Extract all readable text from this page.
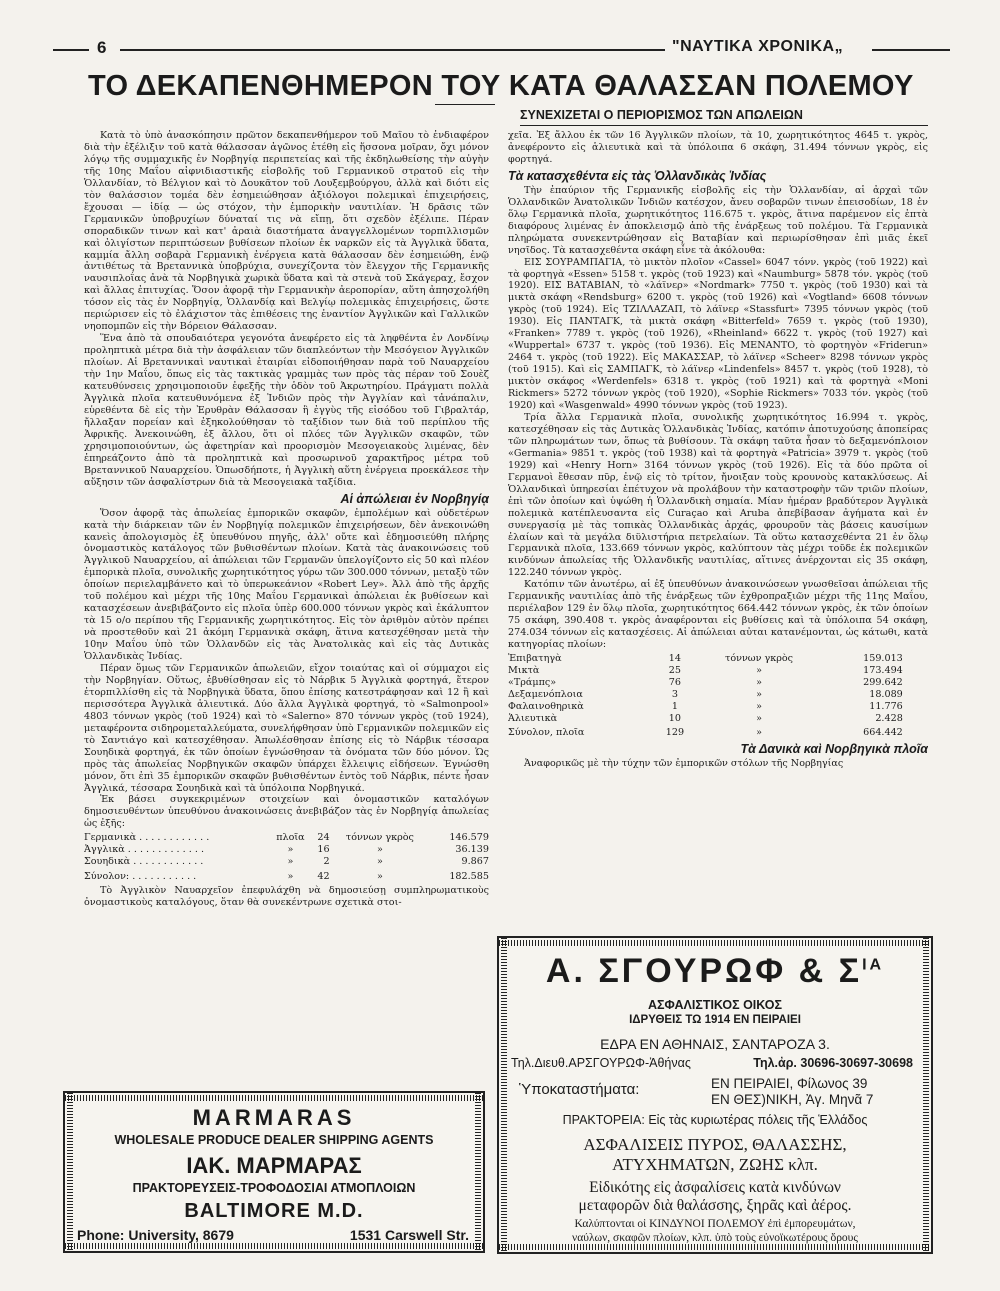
6	"ΝΑΥΤΙΚΑ ΧΡΟΝΙΚΑ„
ΤΟ ΔΕΚΑΠΕΝΘΗΜΕΡΟΝ ΤΟΥ ΚΑΤΑ ΘΑΛΑΣΣΑΝ ΠΟΛΕΜΟΥ
ΣΥΝΕΧΙΖΕΤΑΙ Ο ΠΕΡΙΟΡΙΣΜΟΣ ΤΩΝ ΑΠΩΛΕΙΩΝ

Κατὰ τὸ ὑπὸ ἀνασκόπησιν πρῶτον δεκαπενθήμερον τοῦ Μαΐου τὸ ἐνδιαφέρον διὰ τὴν ἐξέλιξιν τοῦ κατὰ θάλασσαν ἀγῶνος ἐτέθη εἰς ἥσσονα μοῖραν, ὄχι μόνον λόγῳ τῆς συμμαχικῆς ἐν Νορβηγίᾳ περιπετείας καὶ τῆς ἐκδηλωθείσης τὴν αὐγὴν τῆς 10ης Μαΐου αἰφνιδιαστικῆς εἰσβολῆς τοῦ Γερμανικοῦ στρατοῦ εἰς τὴν Ὁλλανδίαν, τὸ Βέλγιον καὶ τὸ Δουκᾶτον τοῦ Λουξεμβούργου, ἀλλὰ καὶ διότι εἰς τὸν θαλάσσιον τομέα δὲν ἐσημειώθησαν ἀξιόλογοι πολεμικαὶ ἐπιχειρήσεις, ἔχουσαι — ἰδίᾳ — ὡς στόχον, τὴν ἐμπορικὴν ναυτιλίαν. Ἡ δρᾶσις τῶν Γερμανικῶν ὑποβρυχίων δύναταί τις νὰ εἴπῃ, ὅτι σχεδὸν ἐξέλιπε. Πέραν σποραδικῶν τινων καὶ κατ' ἀραιὰ διαστήματα ἀναγγελλομένων τορπιλλισμῶν καὶ ὀλιγίστων περιπτώσεων βυθίσεων πλοίων ἐκ ναρκῶν εἰς τὰ Ἀγγλικὰ ὕδατα, καμμία ἄλλη σοβαρὰ Γερμανικὴ ἐνέργεια κατὰ θάλασσαν δὲν ἐσημειώθη, ἐνῷ ἀντιθέτως τὰ Βρεταννικὰ ὑποβρύχια, συνεχίζοντα τὸν ἔλεγχον τῆς Γερμανικῆς ναυσιπλοΐας ἀνὰ τὰ Νορβηγικὰ χωρικὰ ὕδατα καὶ τὰ στενὰ τοῦ Σκάγεραχ, ἔσχον καὶ ἄλλας ἐπιτυχίας. Ὅσον ἀφορᾷ τὴν Γερμανικὴν ἀεροπορίαν, αὕτη ἀπησχολήθη τόσον εἰς τὰς ἐν Νορβηγίᾳ, Ὁλλανδίᾳ καὶ Βελγίῳ πολεμικὰς ἐπιχειρήσεις, ὥστε περιώρισεν εἰς τὸ ἐλάχιστον τὰς ἐπιθέσεις της ἐναντίον Ἀγγλικῶν καὶ Γαλλικῶν νηοπομπῶν εἰς τὴν Βόρειον Θάλασσαν.

Ἕνα ἀπὸ τὰ σπουδαιότερα γεγονότα ἀνεφέρετο εἰς τὰ ληφθέντα ἐν Λονδίνῳ προληπτικὰ μέτρα διὰ τὴν ἀσφάλειαν τῶν διαπλεόντων τὴν Μεσόγειον Ἀγγλικῶν πλοίων. Αἱ Βρεταννικαὶ ναυτικαὶ ἑταιρίαι εἰδοποιήθησαν παρὰ τοῦ Ναυαρχείου τὴν 1ην Μαΐου, ὅπως εἰς τὰς τακτικὰς γραμμὰς των πρὸς τὰς πέραν τοῦ Σουὲζ κατευθύνσεις χρησιμοποιοῦν ἐφεξῆς τὴν ὁδὸν τοῦ Ἀκρωτηρίου. Πράγματι πολλὰ Ἀγγλικὰ πλοῖα κατευθυνόμενα ἐξ Ἰνδιῶν πρὸς τὴν Ἀγγλίαν καὶ τἀνάπαλιν, εὑρεθέντα δὲ εἰς τὴν Ἐρυθρὰν Θάλασσαν ἢ ἐγγὺς τῆς εἰσόδου τοῦ Γιβραλτάρ, ἤλλαξαν πορείαν καὶ ἐξηκολούθησαν τὸ ταξίδιον των διὰ τοῦ περίπλου τῆς Ἀφρικῆς. Ἀνεκοινώθη, ἐξ ἄλλου, ὅτι οἱ πλόες τῶν Ἀγγλικῶν σκαφῶν, τῶν χρησιμοποιούντων, ὡς ἀφετηρίαν καὶ προορισμὸν Μεσογειακοὺς λιμένας, δὲν ἐπηρεάζοντο ἀπὸ τὰ προληπτικὰ καὶ προσωρινοῦ χαρακτῆρος μέτρα τοῦ Βρεταννικοῦ Ναυαρχείου. Ὁπωσδήποτε, ἡ Ἀγγλικὴ αὕτη ἐνέργεια προεκάλεσε τὴν αὔξησιν τῶν ἀσφαλίστρων διὰ τὰ Μεσογειακὰ ταξίδια.

Αἱ ἀπώλειαι ἐν Νορβηγίᾳ

Ὅσον ἀφορᾷ τὰς ἀπωλείας ἐμπορικῶν σκαφῶν, ἐμπολέμων καὶ οὐδετέρων κατὰ τὴν διάρκειαν τῶν ἐν Νορβηγίᾳ πολεμικῶν ἐπιχειρήσεων, δὲν ἀνεκοινώθη κανεὶς ἀπολογισμὸς ἐξ ὑπευθύνου πηγῆς, ἀλλ' οὔτε καὶ ἐδημοσιεύθη πλήρης ὀνομαστικὸς κατάλογος τῶν βυθισθέντων πλοίων. Κατὰ τὰς ἀνακοινώσεις τοῦ Ἀγγλικοῦ Ναυαρχείου, αἱ ἀπώλειαι τῶν Γερμανῶν ὑπελογίζοντο εἰς 50 καὶ πλέον ἐμπορικὰ πλοῖα, συνολικῆς χωρητικότητος γύρω τῶν 300.000 τόννων, μεταξὺ τῶν ὁποίων περιελαμβάνετο καὶ τὸ ὑπερωκεάνιον «Robert Ley». Ἀλλ ἀπὸ τῆς ἀρχῆς τοῦ πολέμου καὶ μέχρι τῆς 10ης Μαΐου Γερμανικαὶ ἀπώλειαι ἐκ βυθίσεων καὶ κατασχέσεων ἀνεβιβάζοντο εἰς πλοῖα ὑπὲρ 600.000 τόννων γκρὸς καὶ ἐκάλυπτον τὰ 15 ο/ο περίπου τῆς Γερμανικῆς χωρητικότητος. Εἰς τὸν ἀριθμὸν αὐτὸν πρέπει νὰ προστεθοῦν καὶ 21 ἀκόμη Γερμανικὰ σκάφη, ἅτινα κατεσχέθησαν μετὰ τὴν 10ην Μαΐου ὑπὸ τῶν Ὁλλανδῶν εἰς τὰς Ἀνατολικὰς καὶ εἰς τὰς Δυτικὰς Ὁλλανδικὰς Ἰνδίας.

Πέραν ὅμως τῶν Γερμανικῶν ἀπωλειῶν, εἴχον τοιαύτας καὶ οἱ σύμμαχοι εἰς τὴν Νορβηγίαν. Οὕτως, ἐβυθίσθησαν εἰς τὸ Νάρβικ 5 Ἀγγλικὰ φορτηγά, ἕτερον ἐτορπιλλίσθη εἰς τὰ Νορβηγικὰ ὕδατα, ὅπου ἐπίσης κατεστράφησαν καὶ 12 ἢ καὶ περισσότερα Ἀγγλικὰ ἁλιευτικά. Δύο ἄλλα Ἀγγλικὰ φορτηγά, τὸ «Salmonpool» 4803 τόννων γκρὸς (τοῦ 1924) καὶ τὸ «Salerno» 870 τόννων γκρὸς (τοῦ 1924), μεταφέροντα σιδηρομεταλλεύματα, συνελήφθησαν ὑπὸ Γερμανικῶν πολεμικῶν εἰς τὸ Σαντιάγο καὶ κατεσχέθησαν. Ἀπωλέσθησαν ἐπίσης εἰς τὸ Νάρβικ τέσσαρα Σουηδικὰ φορτηγά, ἐκ τῶν ὁποίων ἐγνώσθησαν τὰ ὀνόματα τῶν δύο μόνον. Ὡς πρὸς τὰς ἀπωλείας Νορβηγικῶν σκαφῶν ὑπάρχει ἔλλειψις εἰδήσεων. Ἐγνώσθη μόνον, ὅτι ἐπὶ 35 ἐμπορικῶν σκαφῶν βυθισθέντων ἐντὸς τοῦ Νάρβικ, πέντε ἦσαν Ἀγγλικά, τέσσαρα Σουηδικὰ καὶ τὰ ὑπόλοιπα Νορβηγικά.

Ἐκ βάσει συγκεκριμένων στοιχείων καὶ ὀνομαστικῶν καταλόγων δημοσιευθέντων ὑπευθύνου ἀνακοινώσεις ἀνεβιβάζον τὰς ἐν Νορβηγίᾳ ἀπωλείας ὡς ἐξῆς:

Γερμανικὰ . . . . . . . . . . . .	πλοῖα	24	τόννων γκρὸς	146.579
Ἀγγλικὰ . . . . . . . . . . . . .	»	16	»	36.139
Σουηδικὰ . . . . . . . . . . . .	»	2	»	9.867
Σύνολον: . . . . . . . . . . .	»	42	»	182.585

Τὸ Ἀγγλικὸν Ναυαρχεῖον ἐπεφυλάχθη νὰ δημοσιεύσῃ συμπληρωματικοὺς ὀνομαστικοὺς καταλόγους, ὅταν θὰ συνεκέντρωνε σχετικὰ στοι-

χεῖα. Ἐξ ἄλλου ἐκ τῶν 16 Ἀγγλικῶν πλοίων, τὰ 10, χωρητικότητος 4645 τ. γκρὸς, ἀνεφέροντο εἰς ἁλιευτικὰ καὶ τὰ ὑπόλοιπα 6 σκάφη, 31.494 τόννων γκρὸς, εἰς φορτηγά.

Τὰ κατασχεθέντα εἰς τὰς Ὁλλανδικὰς Ἰνδίας

Τὴν ἐπαύριον τῆς Γερμανικῆς εἰσβολῆς εἰς τὴν Ὁλλανδίαν, αἱ ἀρχαὶ τῶν Ὁλλανδικῶν Ἀνατολικῶν Ἰνδιῶν κατέσχον, ἄνευ σοβαρῶν τινων ἐπεισοδίων, 18 ἐν ὅλῳ Γερμανικὰ πλοῖα, χωρητικότητος 116.675 τ. γκρὸς, ἅτινα παρέμενον εἰς ἑπτὰ διαφόρους λιμένας ἐν ἀποκλεισμῷ ἀπὸ τῆς ἐνάρξεως τοῦ πολέμου. Τὰ Γερμανικὰ πληρώματα συνεκεντρώθησαν εἰς Βαταβίαν καὶ περιωρίσθησαν ἐπὶ μιᾶς ἐκεῖ νησῖδος. Τὰ κατασχεθέντα σκάφη εἶνε τὰ ἀκόλουθα:

ΕΙΣ ΣΟΥΡΑΜΠΑΓΙΑ, τὸ μικτὸν πλοῖον «Cassel» 6047 τόνν. γκρὸς (τοῦ 1922) καὶ τὰ φορτηγὰ «Essen» 5158 τ. γκρὸς (τοῦ 1923) καὶ «Naumburg» 5878 τόν. γκρὸς (τοῦ 1920). ΕΙΣ ΒΑΤΑΒΙΑΝ, τὸ «λάϊνερ» «Nordmark» 7750 τ. γκρὸς (τοῦ 1930) καὶ τὰ μικτὰ σκάφη «Rendsburg» 6200 τ. γκρὸς (τοῦ 1926) καὶ «Vogtland» 6608 τόννων γκρὸς (τοῦ 1924). Εἰς ΤΖΙΛΛΑΖΑΠ, τὸ λάϊνερ «Stassfurt» 7395 τόννων γκρὸς (τοῦ 1930). Εἰς ΠΑΝΤΑΓΚ, τὰ μικτὰ σκάφη «Bitterfeld» 7659 τ. γκρὸς (τοῦ 1930), «Franken» 7789 τ. γκρὸς (τοῦ 1926), «Rheinland» 6622 τ. γκρὸς (τοῦ 1927) καὶ «Wuppertal» 6737 τ. γκρὸς (τοῦ 1936). Εἰς ΜΕΝΑΝΤΟ, τὸ φορτηγὸν «Friderun» 2464 τ. γκρὸς (τοῦ 1922). Εἰς ΜΑΚΑΣΣΑΡ, τὸ λάϊνερ «Scheer» 8298 τόννων γκρὸς (τοῦ 1915). Καὶ εἰς ΣΑΜΠΑΓΚ, τὸ λάϊνερ «Lindenfels» 8457 τ. γκρὸς (τοῦ 1928), τὸ μικτὸν σκάφος «Werdenfels» 6318 τ. γκρὸς (τοῦ 1921) καὶ τὰ φορτηγὰ «Moni Rickmers» 5272 τόννων γκρὸς (τοῦ 1920), «Sophie Rickmers» 7033 τόν. γκρὸς (τοῦ 1920) καὶ «Wasgenwald» 4990 τόννων γκρὸς (τοῦ 1923).

Τρία ἄλλα Γερμανικὰ πλοῖα, συνολικῆς χωρητικότητος 16.994 τ. γκρὸς, κατεσχέθησαν εἰς τὰς Δυτικὰς Ὁλλανδικὰς Ἰνδίας, κατόπιν ἀποτυχούσης ἀποπείρας τῶν πληρωμάτων των, ὅπως τὰ βυθίσουν. Τὰ σκάφη ταῦτα ἦσαν τὸ δεξαμενόπλοιον «Germania» 9851 τ. γκρὸς (τοῦ 1938) καὶ τὰ φορτηγὰ «Patricia» 3979 τ. γκρὸς (τοῦ 1929) καὶ «Henry Horn» 3164 τόννων γκρὸς (τοῦ 1926). Εἰς τὰ δύο πρῶτα οἱ Γερμανοὶ ἔθεσαν πῦρ, ἐνῷ εἰς τὸ τρίτον, ἤνοιξαν τοὺς κρουνοὺς κατακλύσεως. Αἱ Ὁλλανδικαὶ ὑπηρεσίαι ἐπέτυχον νὰ προλάβουν τὴν καταστροφὴν τῶν τριῶν πλοίων, ἐπὶ τῶν ὁποίων καὶ ὑψώθη ἡ Ὁλλανδικὴ σημαία. Μίαν ἡμέραν βραδύτερον Ἀγγλικὰ πολεμικὰ κατέπλευσαντα εἰς Curaçao καὶ Aruba ἀπεβίβασαν ἀγήματα καὶ ἐν συνεργασίᾳ μὲ τὰς τοπικὰς Ὁλλανδικὰς ἀρχάς, φρουροῦν τὰς βάσεις καυσίμων ἐλαίων καὶ τὰ μεγάλα διϋλιστήρια πετρελαίων. Τὰ οὕτω κατασχεθέντα 21 ἐν ὅλῳ Γερμανικὰ πλοῖα, 133.669 τόννων γκρὸς, καλύπτουν τὰς μέχρι τοῦδε ἐκ πολεμικῶν κινδύνων ἀπωλείας τῆς Ὁλλανδικῆς ναυτιλίας, αἵτινες ἀνέρχονται εἰς 35 σκάφη, 122.240 τόννων γκρὸς.

Κατόπιν τῶν ἀνωτέρω, αἱ ἐξ ὑπευθύνων ἀνακοινώσεων γνωσθεῖσαι ἀπώλειαι τῆς Γερμανικῆς ναυτιλίας ἀπὸ τῆς ἐνάρξεως τῶν ἐχθροπραξιῶν μέχρι τῆς 11ης Μαΐου, περιέλαβον 129 ἐν ὅλῳ πλοῖα, χωρητικότητος 664.442 τόννων γκρὸς, ἐκ τῶν ὁποίων 75 σκάφη, 390.408 τ. γκρὸς ἀναφέρονται εἰς βυθίσεις καὶ τὰ ὑπόλοιπα 54 σκάφη, 274.034 τόννων εἰς κατασχέσεις. Αἱ ἀπώλειαι αὐται κατανέμονται, ὡς κάτωθι, κατὰ κατηγορίας πλοίων:

Ἐπιβατηγὰ	14	τόννων γκρὸς	159.013
Μικτὰ	25	»	173.494
«Τράμπς»	76	»	299.642
Δεξαμενόπλοια	3	»	18.089
Φαλαινοθηρικὰ	1	»	11.776
Ἁλιευτικὰ	10	»	2.428
Σύνολον, πλοῖα	129	»	664.442
Τὰ Δανικὰ καὶ Νορβηγικὰ πλοῖα

Ἀναφορικῶς μὲ τὴν τύχην τῶν ἐμπορικῶν στόλων τῆς Νορβηγίας

MARMARAS
WHOLESALE PRODUCE DEALER SHIPPING AGENTS
ΙΑΚ. ΜΑΡΜΑΡΑΣ
ΠΡΑΚΤΟΡΕΥΣΕΙΣ-ΤΡΟΦΟΔΟΣΙΑΙ ΑΤΜΟΠΛΟΙΩΝ
BALTIMORE M.D.
Phone: University, 8679	1531 Carswell Str.
Α. ΣΓΟΥΡΩΦ & $\Sigma^{IA}$
ΑΣΦΑΛΙΣΤΙΚΟΣ ΟΙΚΟΣ
ΙΔΡΥΘΕΙΣ ΤΩ 1914 ΕΝ ΠΕΙΡΑΙΕΙ
ΕΔΡΑ ΕΝ ΑΘΗΝΑΙΣ, ΣΑΝΤΑΡΟΖΑ 3.
Τηλ.Διευθ.ΑΡΣΓΟΥΡΩΦ-Ἀθήνας	Τηλ.ἀρ. 30696-30697-30698
Ὑποκαταστήματα:	ΕΝ ΠΕΙΡΑΙΕΙ, Φίλωνος 39
ΕΝ ΘΕΣ)ΝΙΚΗ, Ἀγ. Μηνᾶ 7
ΠΡΑΚΤΟΡΕΙΑ: Εἰς τὰς κυριωτέρας πόλεις τῆς Ἑλλάδος
ΑΣΦΑΛΙΣΕΙΣ ΠΥΡΟΣ, ΘΑΛΑΣΣΗΣ,
ΑΤΥΧΗΜΑΤΩΝ, ΖΩΗΣ κλπ.
Εἰδικότης εἰς ἀσφαλίσεις κατὰ κινδύνων
μεταφορῶν διὰ θαλάσσης, ξηρᾶς καὶ ἀέρος.
Καλύπτονται οἱ ΚΙΝΔΥΝΟΙ ΠΟΛΕΜΟΥ ἐπὶ ἐμπορευμάτων,
ναύλων, σκαφῶν πλοίων, κλπ. ὑπὸ τοὺς εὐνοϊκωτέρους ὅρους
